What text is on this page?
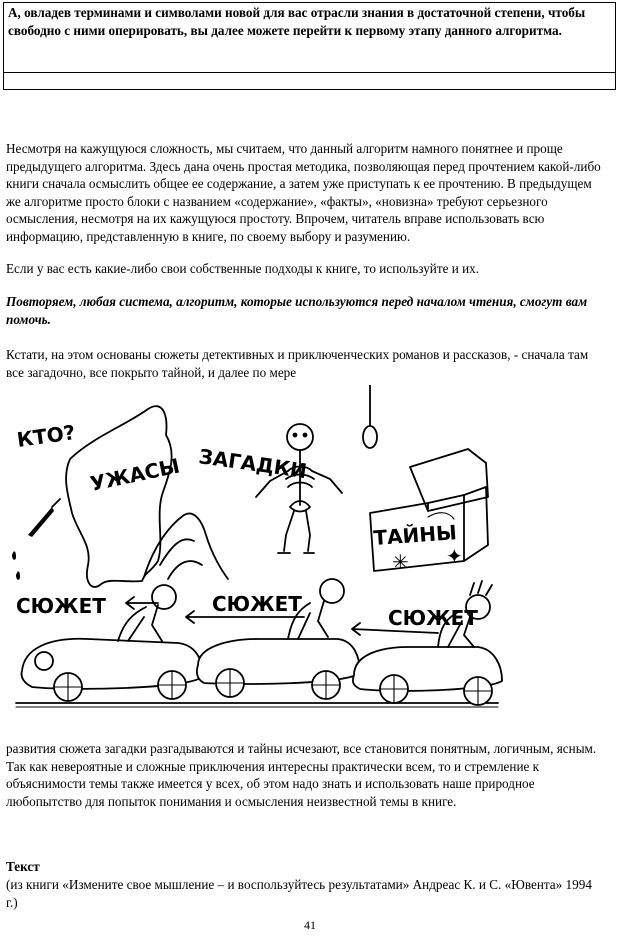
А, овладев терминами и символами новой для вас отрасли знания в достаточной степени, чтобы свободно с ними оперировать, вы далее можете перейти к первому этапу данного алгоритма.

Несмотря на кажущуюся сложность, мы считаем, что данный алгоритм намного понятнее и проще предыдущего алгоритма. Здесь дана очень простая методика, позволяющая перед прочтением какой-либо книги сначала осмыслить общее ее содержание, а затем уже приступать к ее прочтению. В предыдущем же алгоритме просто блоки с названием «содержание», «факты», «новизна» требуют серьезного осмысления, несмотря на их кажущуюся простоту. Впрочем, читатель вправе использовать всю информацию, представленную в книге, по своему выбору и разумению.

Если у вас есть какие-либо свои собственные подходы к книге, то используйте и их.

Повторяем, любая система, алгоритм, которые используются перед началом чтения, смогут вам помочь.

Кстати, на этом основаны сюжеты детективных и приключенческих романов и рассказов, - сначала там все загадочно, все покрыто тайной, и далее по мере

КТО?
УЖАСЫ ЗАГАДКИ
ТАЙНЫ
✳ ✦
СЮЖЕТ	СЮЖЕТ
СЮЖЕТ

развития сюжета загадки разгадываются и тайны исчезают, все становится понятным, логичным, ясным. Так как невероятные и сложные приключения интересны практически всем, то и стремление к объяснимости темы также имеется у всех, об этом надо знать и использовать наше природное любопытство для попыток понимания и осмысления неизвестной темы в книге.

Текст

(из книги «Измените свое мышление – и воспользуйтесь результатами» Андреас К. и С. «Ювента» 1994 г.)

41
